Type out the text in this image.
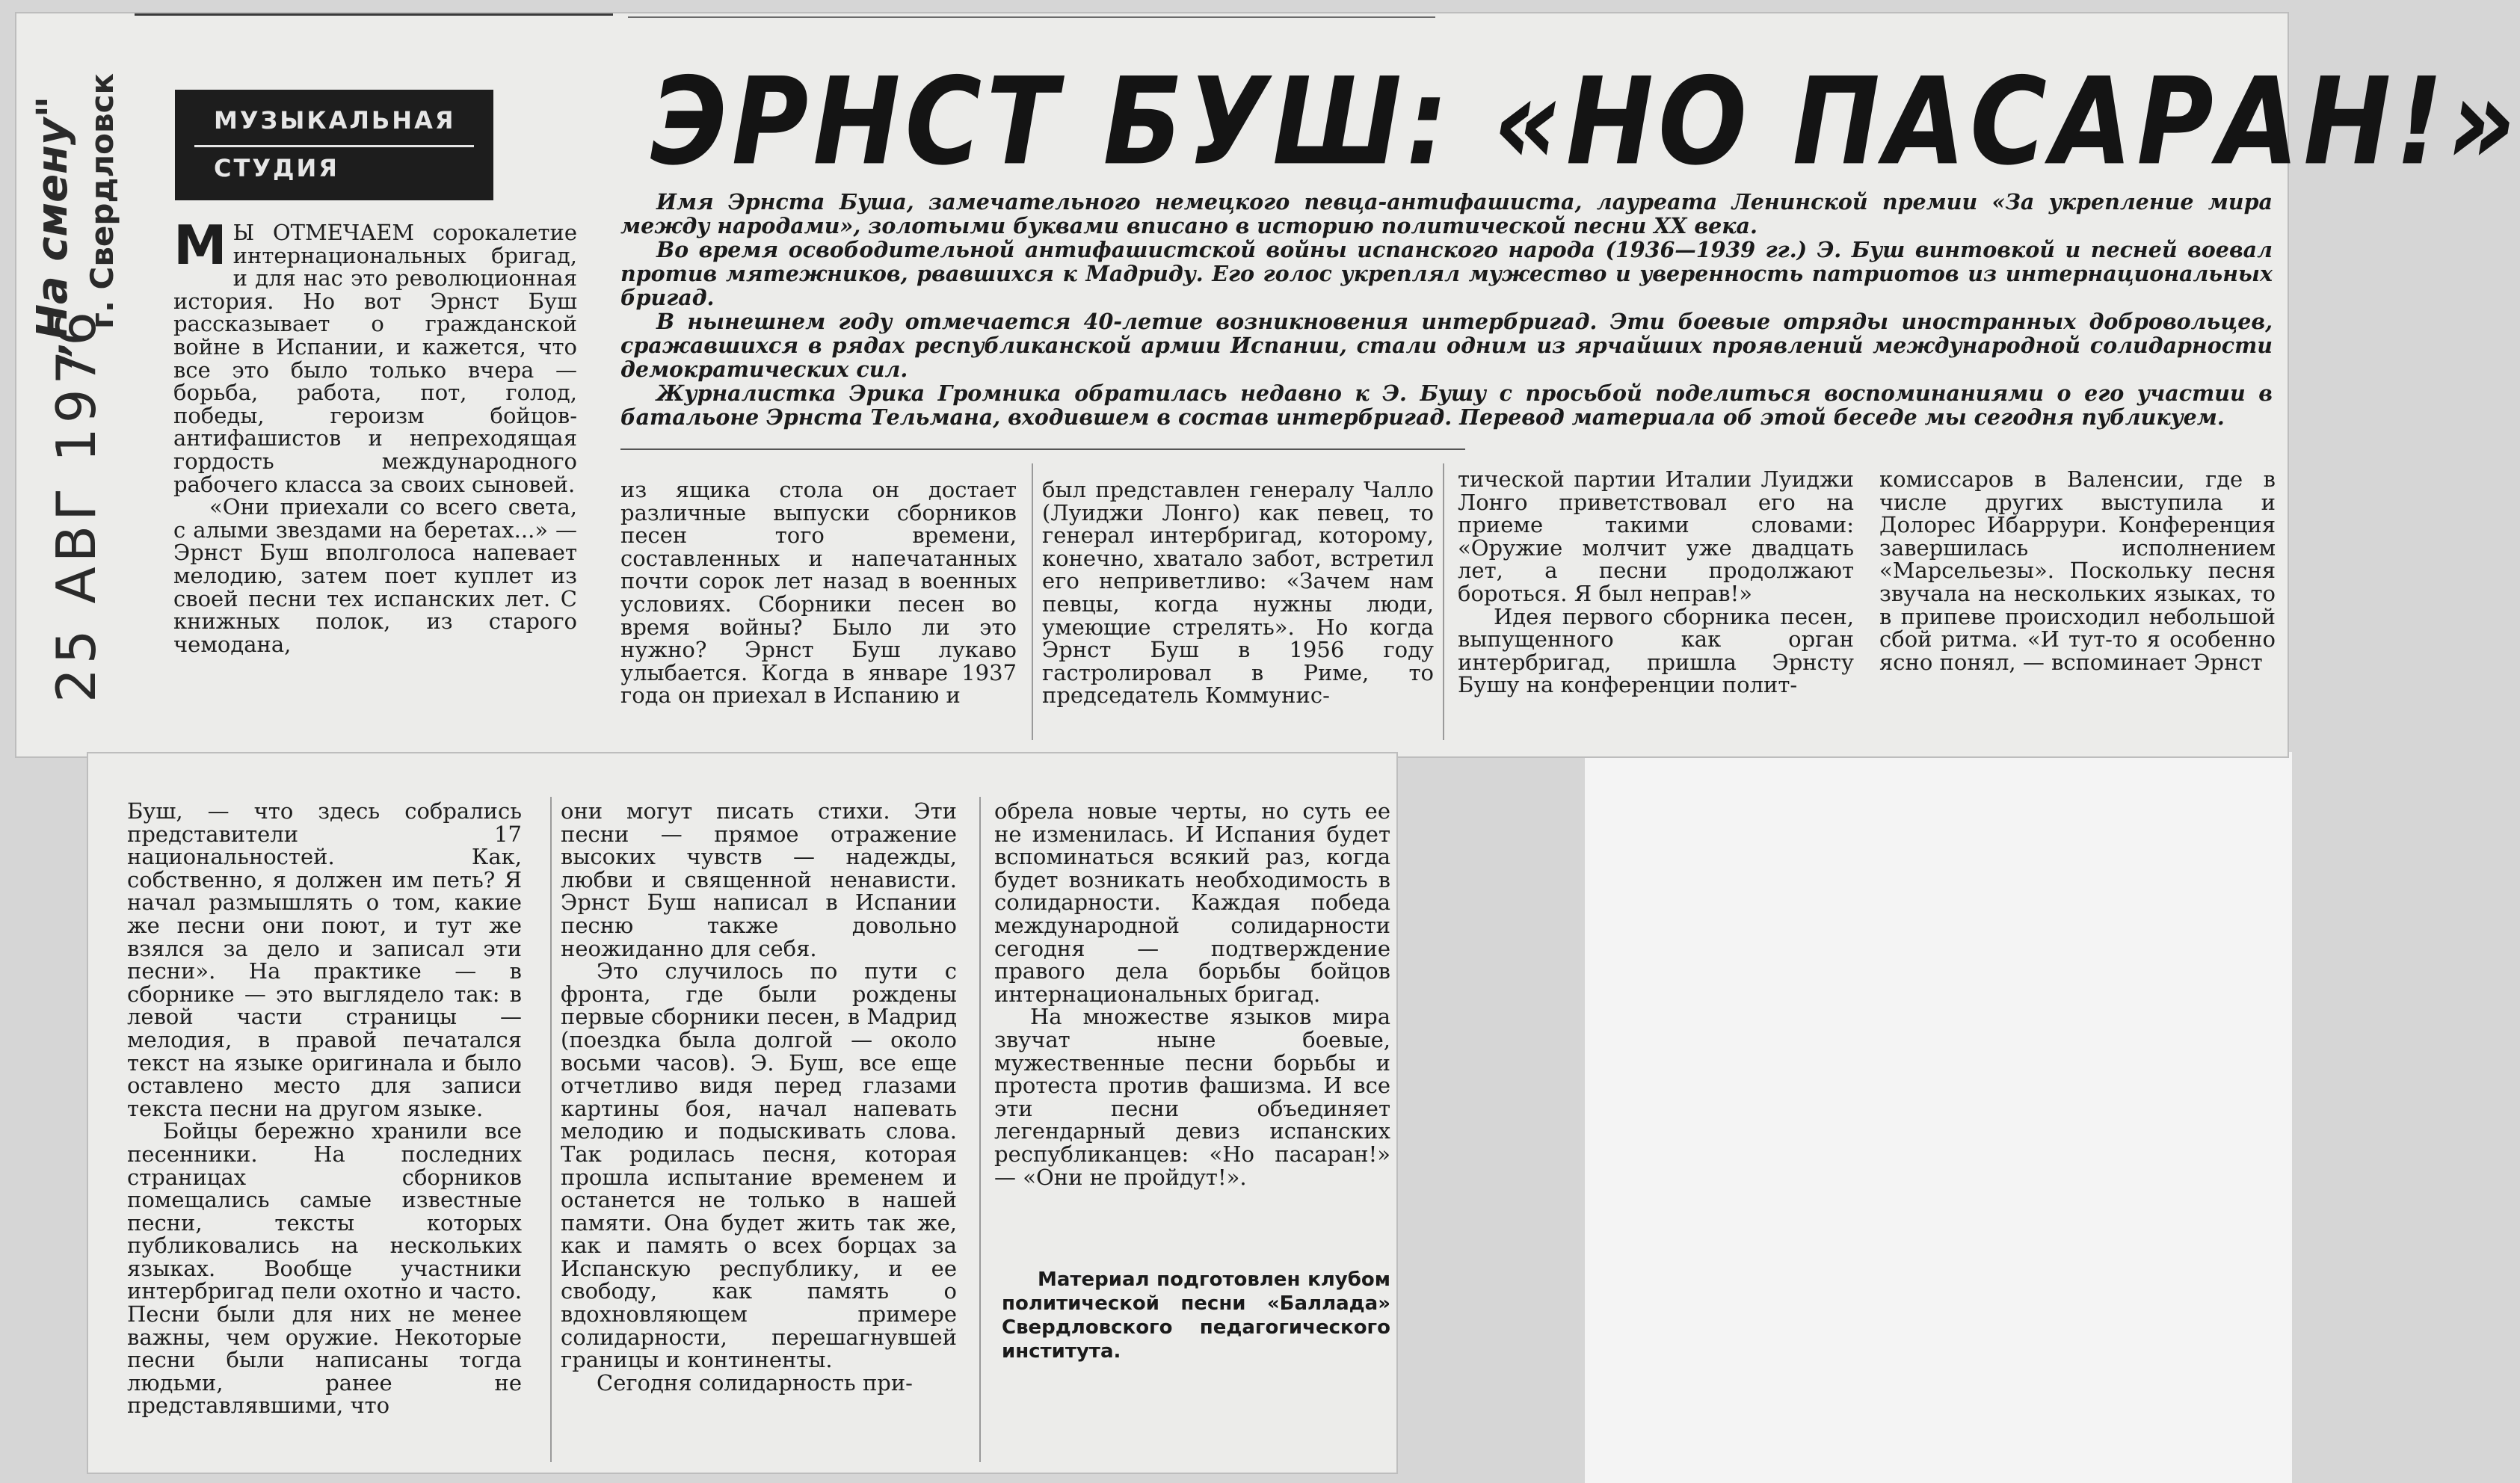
„На смену" г. Свердловск
25 АВГ 1976
МУЗЫКАЛЬНАЯ
СТУДИЯ	ЭРНСТ БУШ: «НО ПАСАРАН!»

Имя Эрнста Буша, замечательного немецкого певца-антифашиста, лауреата Ленинской премии «За укрепление мира между народами», золотыми буквами вписано в историю политической песни XX века.

Во время освободительной антифашистской войны испанского народа (1936—1939 гг.) Э. Буш винтовкой и песней воевал против мятежников, рвавшихся к Мадриду. Его голос укреплял мужество и уверенность патриотов из интернациональных бригад.

В нынешнем году отмечается 40-летие возникновения интербригад. Эти боевые отряды иностранных добровольцев, сражавшихся в рядах республиканской армии Испании, стали одним из ярчайших проявлений международной солидарности демократических сил.

Журналистка Эрика Громника обратилась недавно к Э. Бушу с просьбой поделиться воспоминаниями о его участии в батальоне Эрнста Тельмана, входившем в состав интербригад. Перевод материала об этой беседе мы сегодня публикуем.

М Ы ОТМЕЧАЕМ сорокалетие интернациональных бригад, и для нас это революционная история. Но вот Эрнст Буш рассказывает о гражданской войне в Испании, и кажется, что все это было только вчера — борьба, работа, пот, голод, победы, героизм бойцов-антифашистов и непреходящая гордость международного рабочего класса за своих сыновей.

«Они приехали со всего света, с алыми звездами на беретах...» — Эрнст Буш вполголоса напевает мелодию, затем поет куплет из своей песни тех испанских лет. С книжных полок, из старого чемодана,

из ящика стола он достает различные выпуски сборников песен того времени, составленных и напечатанных почти сорок лет назад в военных условиях. Сборники песен во время войны? Было ли это нужно? Эрнст Буш лукаво улыбается. Когда в январе 1937 года он приехал в Испанию и

был представлен генералу Чалло (Луиджи Лонго) как певец, то генерал интербригад, которому, конечно, хватало забот, встретил его неприветливо: «Зачем нам певцы, когда нужны люди, умеющие стрелять». Но когда Эрнст Буш в 1956 году гастролировал в Риме, то председатель Коммунис-

тической партии Италии Луиджи Лонго приветствовал его на приеме такими словами: «Оружие молчит уже двадцать лет, а песни продолжают бороться. Я был неправ!»

Идея первого сборника песен, выпущенного как орган интербригад, пришла Эрнсту Бушу на конференции полит-

комиссаров в Валенсии, где в числе других выступила и Долорес Ибаррури. Конференция завершилась исполнением «Марсельезы». Поскольку песня звучала на нескольких языках, то в припеве происходил небольшой сбой ритма. «И тут-то я особенно ясно понял, — вспоминает Эрнст

Буш, — что здесь собрались представители 17 национальностей. Как, собственно, я должен им петь? Я начал размышлять о том, какие же песни они поют, и тут же взялся за дело и записал эти песни». На практике — в сборнике — это выглядело так: в левой части страницы — мелодия, в правой печатался текст на языке оригинала и было оставлено место для записи текста песни на другом языке.

Бойцы бережно хранили все песенники. На последних страницах сборников помещались самые известные песни, тексты которых публиковались на нескольких языках. Вообще участники интербригад пели охотно и часто. Песни были для них не менее важны, чем оружие. Некоторые песни были написаны тогда людьми, ранее не представлявшими, что

они могут писать стихи. Эти песни — прямое отражение высоких чувств — надежды, любви и священной ненависти. Эрнст Буш написал в Испании песню также довольно неожиданно для себя.

Это случилось по пути с фронта, где были рождены первые сборники песен, в Мадрид (поездка была долгой — около восьми часов). Э. Буш, все еще отчетливо видя перед глазами картины боя, начал напевать мелодию и подыскивать слова. Так родилась песня, которая прошла испытание временем и останется не только в нашей памяти. Она будет жить так же, как и память о всех борцах за Испанскую республику, и ее свободу, как память о вдохновляющем примере солидарности, перешагнувшей границы и континенты.

Сегодня солидарность при-

обрела новые черты, но суть ее не изменилась. И Испания будет вспоминаться всякий раз, когда будет возникать необходимость в солидарности. Каждая победа международной солидарности сегодня — подтверждение правого дела борьбы бойцов интернациональных бригад.

На множестве языков мира звучат ныне боевые, мужественные песни борьбы и протеста против фашизма. И все эти песни объединяет легендарный девиз испанских республиканцев: «Но пасаран!» — «Они не пройдут!».

Материал подготовлен клубом политической песни «Баллада» Свердловского педагогического института.
